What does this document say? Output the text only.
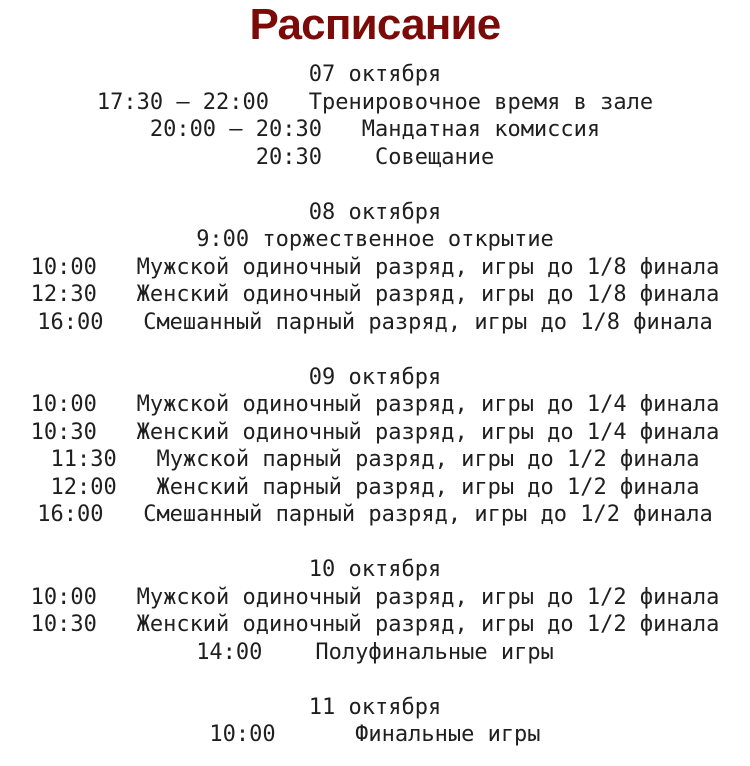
Расписание

07 октября

17:30 – 22:00   Тренировочное время в зале

20:00 – 20:30   Мандатная комиссия

20:30    Совещание

08 октября

9:00 торжественное открытие

10:00   Мужской одиночный разряд, игры до 1/8 финала

12:30   Женский одиночный разряд, игры до 1/8 финала

16:00   Смешанный парный разряд, игры до 1/8 финала

09 октября

10:00   Мужской одиночный разряд, игры до 1/4 финала

10:30   Женский одиночный разряд, игры до 1/4 финала

11:30   Мужской парный разряд, игры до 1/2 финала

12:00   Женский парный разряд, игры до 1/2 финала

16:00   Смешанный парный разряд, игры до 1/2 финала

10 октября

10:00   Мужской одиночный разряд, игры до 1/2 финала

10:30   Женский одиночный разряд, игры до 1/2 финала

14:00    Полуфинальные игры

11 октября

10:00      Финальные игры
